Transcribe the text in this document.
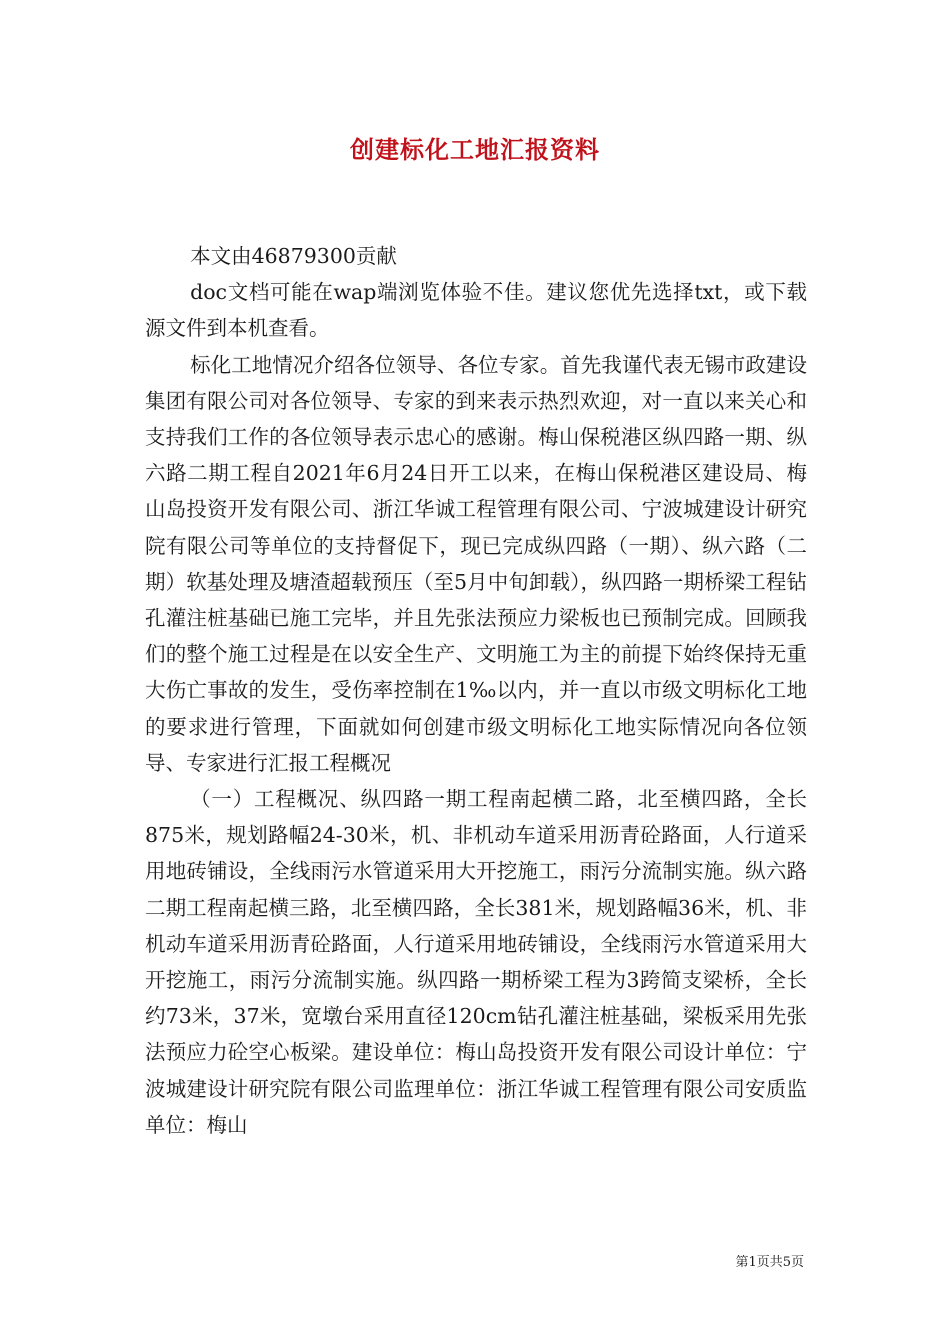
创建标化工地汇报资料

本文由46879300贡献

doc文档可能在wap端浏览体验不佳。建议您优先选择txt，或下载源文件到本机查看。

标化工地情况介绍各位领导、各位专家。首先我谨代表无锡市政建设集团有限公司对各位领导、专家的到来表示热烈欢迎，对一直以来关心和支持我们工作的各位领导表示忠心的感谢。梅山保税港区纵四路一期、纵六路二期工程自2021年6月24日开工以来，在梅山保税港区建设局、梅山岛投资开发有限公司、浙江华诚工程管理有限公司、宁波城建设计研究院有限公司等单位的支持督促下，现已完成纵四路（一期）、纵六路（二期）软基处理及塘渣超载预压（至5月中旬卸载），纵四路一期桥梁工程钻孔灌注桩基础已施工完毕，并且先张法预应力梁板也已预制完成。回顾我们的整个施工过程是在以安全生产、文明施工为主的前提下始终保持无重大伤亡事故的发生，受伤率控制在1‰以内，并一直以市级文明标化工地的要求进行管理，下面就如何创建市级文明标化工地实际情况向各位领导、专家进行汇报工程概况

（一）工程概况、纵四路一期工程南起横二路，北至横四路，全长875米，规划路幅24-30米，机、非机动车道采用沥青砼路面，人行道采用地砖铺设，全线雨污水管道采用大开挖施工，雨污分流制实施。纵六路二期工程南起横三路，北至横四路，全长381米，规划路幅36米，机、非机动车道采用沥青砼路面，人行道采用地砖铺设，全线雨污水管道采用大开挖施工，雨污分流制实施。纵四路一期桥梁工程为3跨简支梁桥，全长约73米，37米，宽墩台采用直径120cm钻孔灌注桩基础，梁板采用先张法预应力砼空心板梁。建设单位：梅山岛投资开发有限公司设计单位：宁波城建设计研究院有限公司监理单位：浙江华诚工程管理有限公司安质监单位：梅山

第1页共5页
